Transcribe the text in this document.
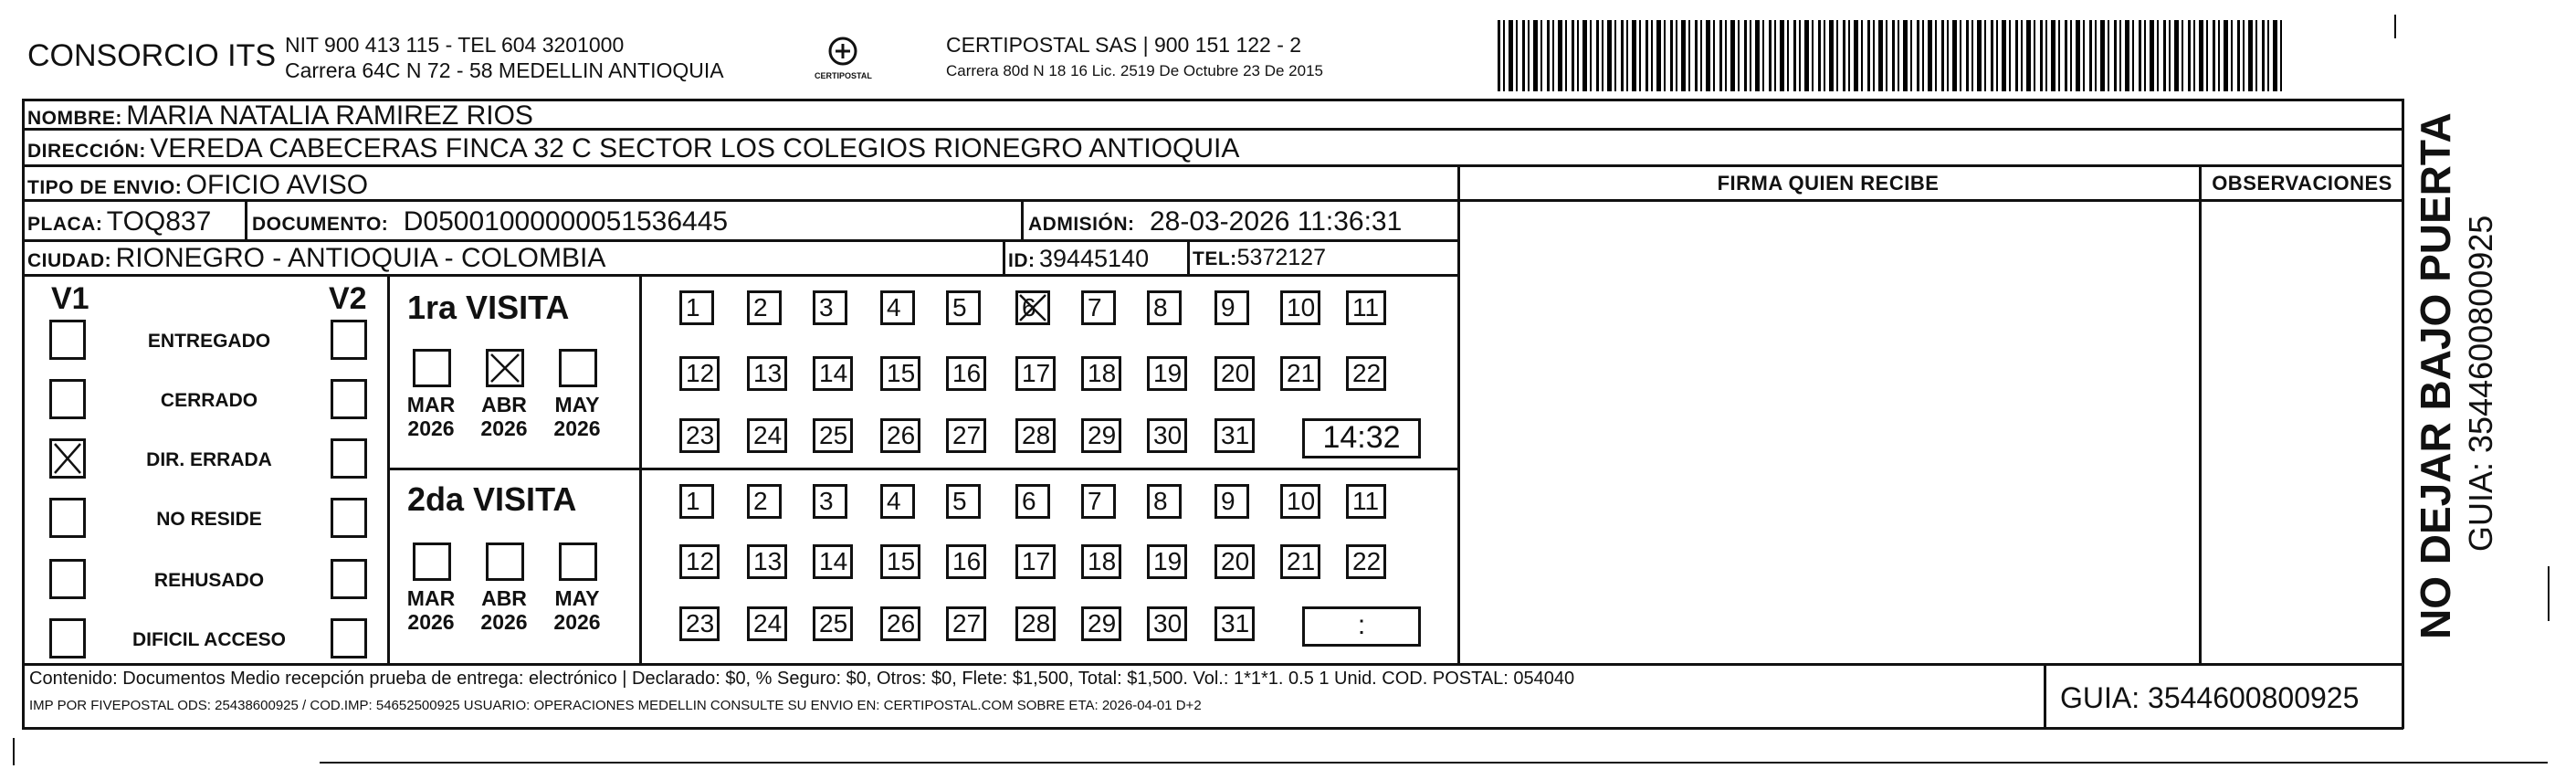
CONSORCIO ITS NIT 900 413 115 - TEL 604 3201000
Carrera 64C N 72 - 58 MEDELLIN ANTIOQUIA	CERTIPOSTAL
CERTIPOSTAL SAS | 900 151 122 - 2
Carrera 80d N 18 16 Lic. 2519 De Octubre 23 De 2015
NOMBRE: MARIA NATALIA RAMIREZ RIOS
DIRECCIÓN: VEREDA CABECERAS FINCA 32 C SECTOR LOS COLEGIOS RIONEGRO ANTIOQUIA
TIPO DE ENVIO: OFICIO AVISO
PLACA: TOQ837 DOCUMENTO: D05001000000051536445	ADMISIÓN: 28-03-2026 11:36:31
CIUDAD: RIONEGRO - ANTIOQUIA - COLOMBIA	ID: 39445140 TEL:5372127
FIRMA QUIEN RECIBE	OBSERVACIONES
V1	V2
ENTREGADO
CERRADO
DIR. ERRADA
NO RESIDE
REHUSADO
DIFICIL ACCESO
1ra VISITA
2da VISITA
MAR
2026
ABR
2026
MAY
2026
MAR
2026
ABR
2026
MAY
2026
1	2	3	4	5	6	7	8	9	10 11
12 13 14 15 16 17 18 19 20 21 22
23 24 25 26 27 28 29 30 31	14:32
1	2	3	4	5	6	7	8	9	10 11
12 13 14 15 16 17 18 19 20 21 22
23 24 25 26 27 28 29 30 31	:
Contenido: Documentos Medio recepción prueba de entrega: electrónico | Declarado: $0, % Seguro: $0, Otros: $0, Flete: $1,500, Total: $1,500. Vol.: 1*1*1. 0.5 1 Unid. COD. POSTAL: 054040
IMP POR FIVEPOSTAL ODS: 25438600925 / COD.IMP: 54652500925 USUARIO: OPERACIONES MEDELLIN CONSULTE SU ENVIO EN: CERTIPOSTAL.COM SOBRE ETA: 2026-04-01 D+2	GUIA: 3544600800925
NO DEJAR BAJO PUERTA GUIA: 3544600800925
